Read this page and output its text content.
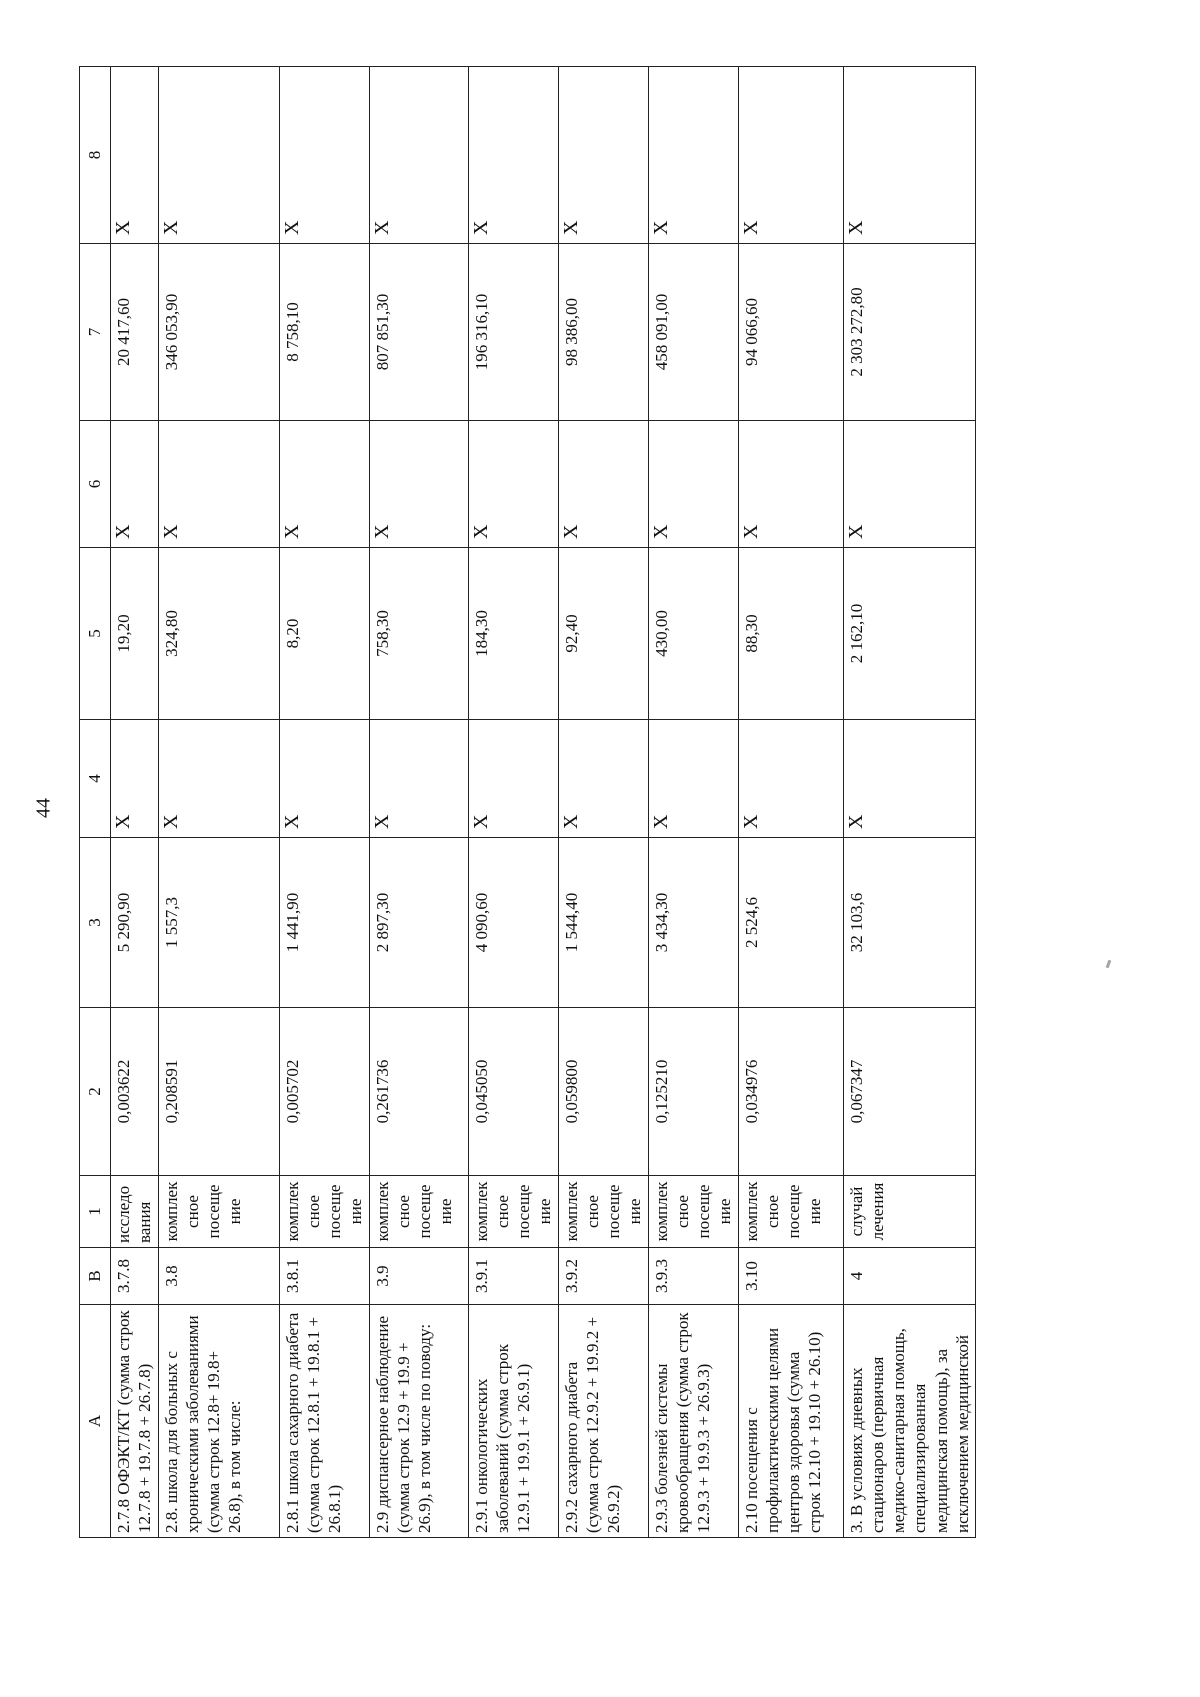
44
A	B	1	2	3	4	5	6	7	8
2.7.8 ОФЭКТ/КТ (сумма строк 12.7.8 + 19.7.8 + 26.7.8)	3.7.8	исследования	0,003622	5 290,90	X	19,20	X	20 417,60	X
2.8. школа для больных с хроническими заболеваниями (сумма строк 12.8+ 19.8+ 26.8), в том числе:	3.8	комплексное посещение	0,208591	1 557,3	X	324,80	X	346 053,90	X
2.8.1 школа сахарного диабета (сумма строк 12.8.1 + 19.8.1 + 26.8.1)	3.8.1	комплексное посещение	0,005702	1 441,90	X	8,20	X	8 758,10	X
2.9 диспансерное наблюдение (сумма строк 12.9 + 19.9 + 26.9), в том числе по поводу:	3.9	комплексное посещение	0,261736	2 897,30	X	758,30	X	807 851,30	X
2.9.1 онкологических заболеваний (сумма строк 12.9.1 + 19.9.1 + 26.9.1)	3.9.1	комплексное посещение	0,045050	4 090,60	X	184,30	X	196 316,10	X
2.9.2 сахарного диабета (сумма строк 12.9.2 + 19.9.2 + 26.9.2)	3.9.2	комплексное посещение	0,059800	1 544,40	X	92,40	X	98 386,00	X
2.9.3 болезней системы кровообращения (сумма строк 12.9.3 + 19.9.3 + 26.9.3)	3.9.3	комплексное посещение	0,125210	3 434,30	X	430,00	X	458 091,00	X
2.10 посещения с профилактическими целями центров здоровья (сумма строк 12.10 + 19.10 + 26.10)	3.10	комплексное посещение	0,034976	2 524,6	X	88,30	X	94 066,60	X
3. В условиях дневных стационаров (первичная медико-санитарная помощь, специализированная медицинская помощь), за исключением медицинской	4	случай лечения	0,067347	32 103,6	X	2 162,10	X	2 303 272,80	X
